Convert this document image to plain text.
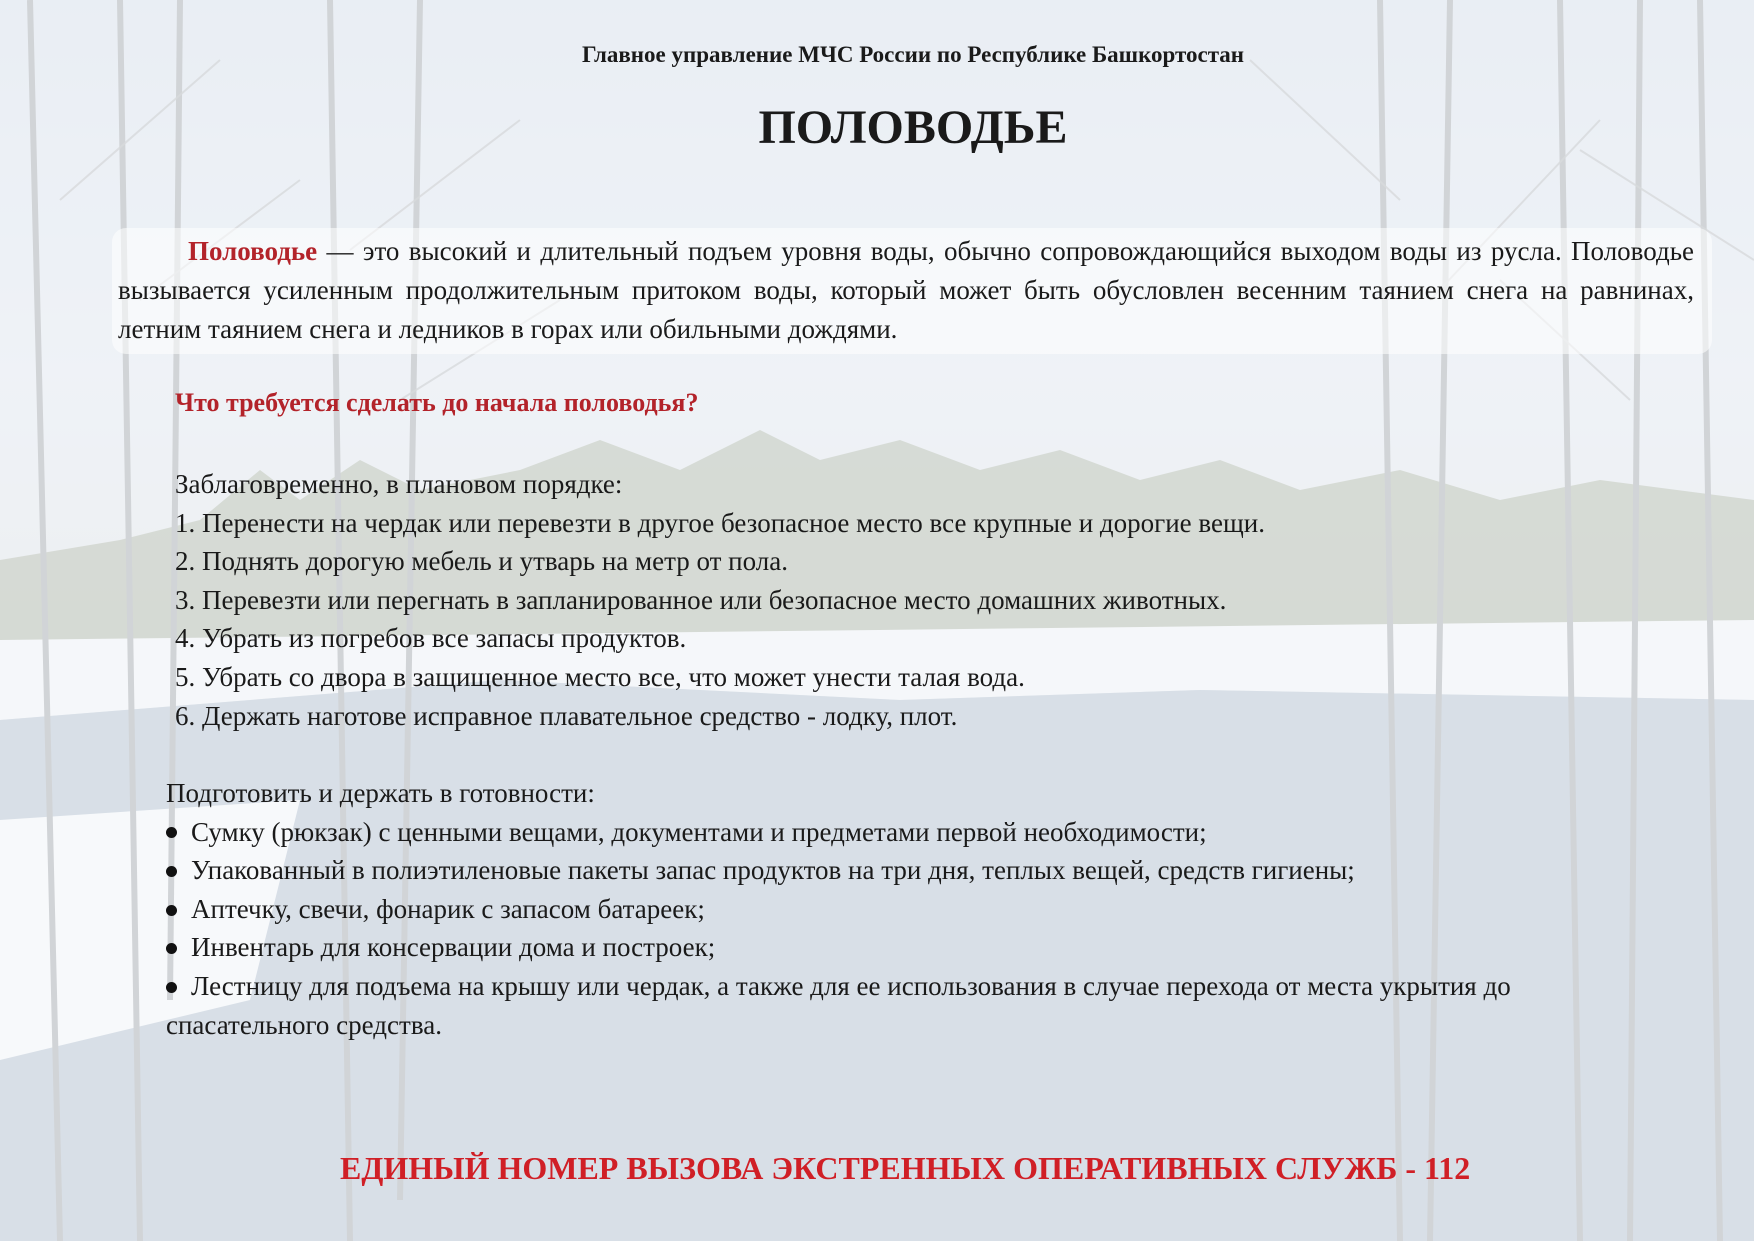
Главное управление МЧС России по Республике Башкортостан
ПОЛОВОДЬЕ
Половодье — это высокий и длительный подъем уровня воды, обычно сопровождающийся выходом воды из русла. Половодье вызывается усиленным продолжительным притоком воды, который может быть обусловлен весенним таянием снега на равнинах, летним таянием снега и ледников в горах или обильными дождями.
Что требуется сделать до начала половодья?
Заблаговременно, в плановом порядке:
1. Перенести на чердак или перевезти в другое безопасное место все крупные и дорогие вещи.
2. Поднять дорогую мебель и утварь на метр от пола.
3. Перевезти или перегнать в запланированное или безопасное место домашних животных.
4. Убрать из погребов все запасы продуктов.
5. Убрать со двора в защищенное место все, что может унести талая вода.
6. Держать наготове исправное плавательное средство - лодку, плот.
Подготовить и держать в готовности:
Сумку (рюкзак) с ценными вещами, документами и предметами первой необходимости;
Упакованный в полиэтиленовые пакеты запас продуктов на три дня, теплых вещей, средств гигиены;
Аптечку, свечи, фонарик с запасом батареек;
Инвентарь для консервации дома и построек;
Лестницу для подъема на крышу или чердак, а также для ее использования в случае перехода от места укрытия до спасательного средства.
ЕДИНЫЙ НОМЕР ВЫЗОВА ЭКСТРЕННЫХ ОПЕРАТИВНЫХ СЛУЖБ - 112
